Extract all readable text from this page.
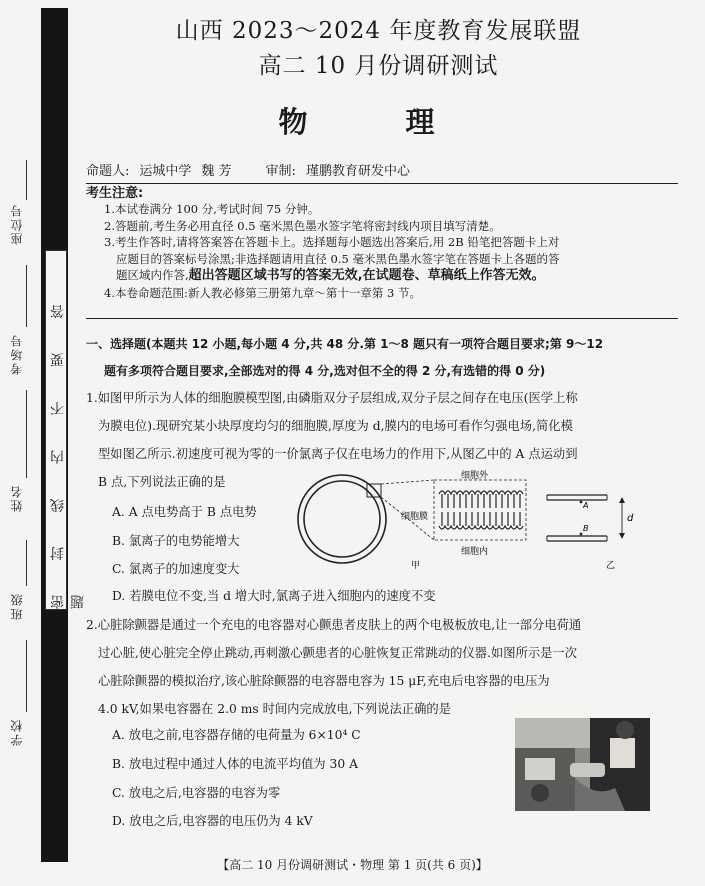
座位号
考场号
姓名
班级
学校
密 封 线 内 不 要 答 题
山西 2023～2024 年度教育发展联盟
高二 10 月份调研测试
物 理
命题人: 运城中学 魏 芳	审制: 瑾鹏教育研发中心
考生注意:

1.本试卷满分 100 分,考试时间 75 分钟。

2.答题前,考生务必用直径 0.5 毫米黑色墨水签字笔将密封线内项目填写清楚。

3.考生作答时,请将答案答在答题卡上。选择题每小题选出答案后,用 2B 铅笔把答题卡上对

应题目的答案标号涂黑;非选择题请用直径 0.5 毫米黑色墨水签字笔在答题卡上各题的答

题区域内作答,超出答题区域书写的答案无效,在试题卷、草稿纸上作答无效。

4.本卷命题范围:新人教必修第三册第九章～第十一章第 3 节。

一、选择题(本题共 12 小题,每小题 4 分,共 48 分.第 1～8 题只有一项符合题目要求;第 9～12
题有多项符合题目要求,全部选对的得 4 分,选对但不全的得 2 分,有选错的得 0 分)
1.如图甲所示为人体的细胞膜模型图,由磷脂双分子层组成,双分子层之间存在电压(医学上称
为膜电位).现研究某小块厚度均匀的细胞膜,厚度为 d,膜内的电场可看作匀强电场,简化模
型如图乙所示.初速度可视为零的一价氯离子仅在电场力的作用下,从图乙中的 A 点运动到
B 点,下列说法正确的是
A. A 点电势高于 B 点电势
B. 氯离子的电势能增大
C. 氯离子的加速度变大
D. 若膜电位不变,当 d 增大时,氯离子进入细胞内的速度不变
细胞外
细胞内
细胞膜
甲
A
B
d
乙
2.心脏除颤器是通过一个充电的电容器对心颤患者皮肤上的两个电极板放电,让一部分电荷通
过心脏,使心脏完全停止跳动,再刺激心颤患者的心脏恢复正常跳动的仪器.如图所示是一次
心脏除颤器的模拟治疗,该心脏除颤器的电容器电容为 15 μF,充电后电容器的电压为
4.0 kV,如果电容器在 2.0 ms 时间内完成放电,下列说法正确的是
A. 放电之前,电容器存储的电荷量为 6×10⁴ C
B. 放电过程中通过人体的电流平均值为 30 A
C. 放电之后,电容器的电容为零
D. 放电之后,电容器的电压仍为 4 kV
【高二 10 月份调研测试・物理 第 1 页(共 6 页)】
